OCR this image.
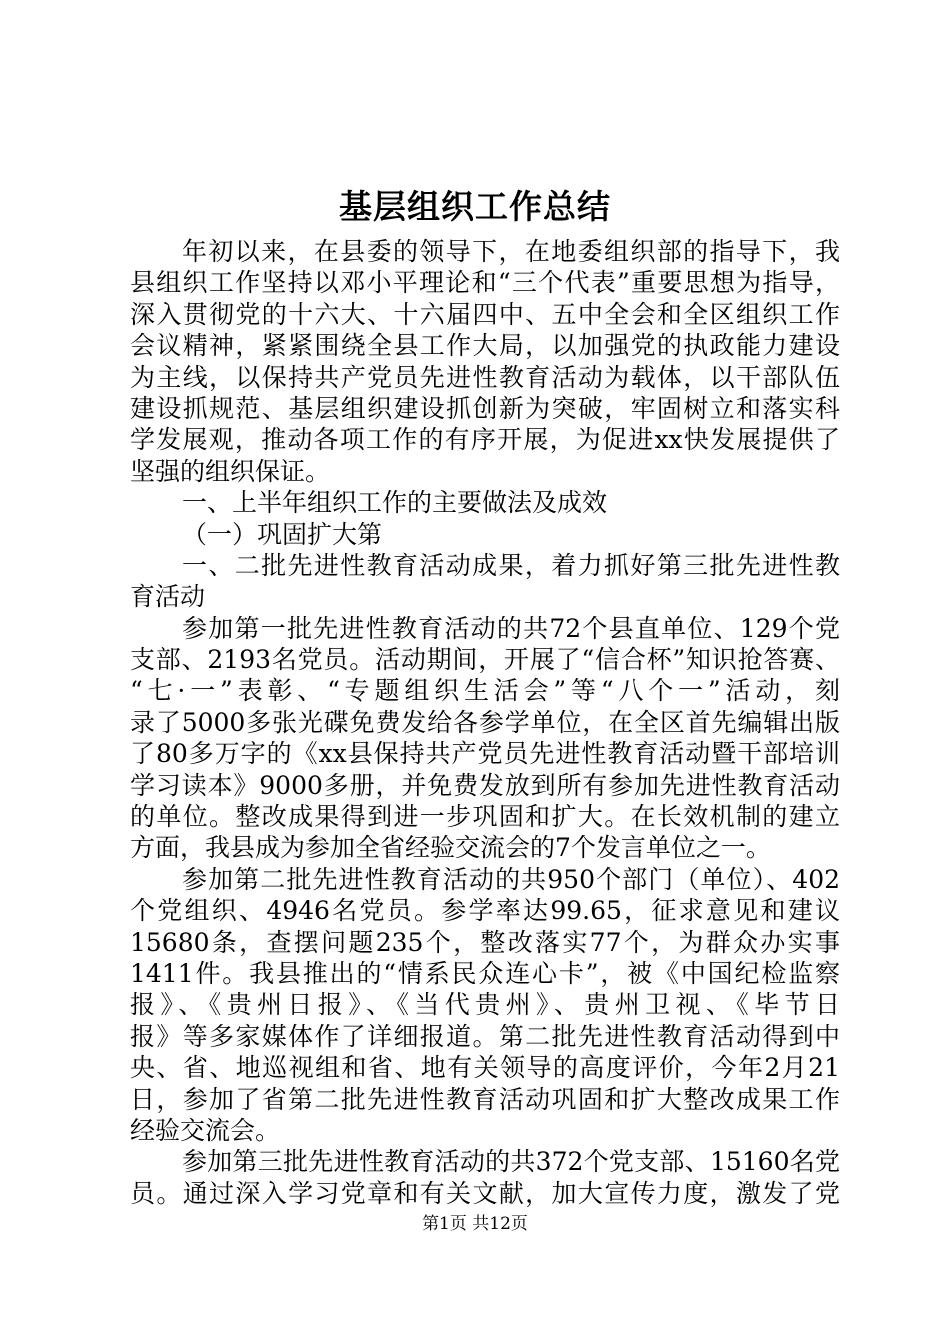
基层组织工作总结
年初以来，在县委的领导下，在地委组织部的指导下，我
县组织工作坚持以邓小平理论和“三个代表”重要思想为指导，
深入贯彻党的十六大、十六届四中、五中全会和全区组织工作
会议精神，紧紧围绕全县工作大局，以加强党的执政能力建设
为主线，以保持共产党员先进性教育活动为载体，以干部队伍
建设抓规范、基层组织建设抓创新为突破，牢固树立和落实科
学发展观，推动各项工作的有序开展，为促进xx快发展提供了
坚强的组织保证。
一、上半年组织工作的主要做法及成效
（一）巩固扩大第
一、二批先进性教育活动成果，着力抓好第三批先进性教
育活动
参加第一批先进性教育活动的共72个县直单位、129个党
支部、2193名党员。活动期间，开展了“信合杯”知识抢答赛、
“七·一”表彰、“专题组织生活会”等“八个一”活动，刻
录了5000多张光碟免费发给各参学单位，在全区首先编辑出版
了80多万字的《xx县保持共产党员先进性教育活动暨干部培训
学习读本》9000多册，并免费发放到所有参加先进性教育活动
的单位。整改成果得到进一步巩固和扩大。在长效机制的建立
方面，我县成为参加全省经验交流会的7个发言单位之一。
参加第二批先进性教育活动的共950个部门（单位）、402
个党组织、4946名党员。参学率达99.65，征求意见和建议
15680条，查摆问题235个，整改落实77个，为群众办实事
1411件。我县推出的“情系民众连心卡”，被《中国纪检监察
报》、《贵州日报》、《当代贵州》、贵州卫视、《毕节日
报》等多家媒体作了详细报道。第二批先进性教育活动得到中
央、省、地巡视组和省、地有关领导的高度评价，今年2月21
日，参加了省第二批先进性教育活动巩固和扩大整改成果工作
经验交流会。
参加第三批先进性教育活动的共372个党支部、15160名党
员。通过深入学习党章和有关文献，加大宣传力度，激发了党
第1页 共12页
